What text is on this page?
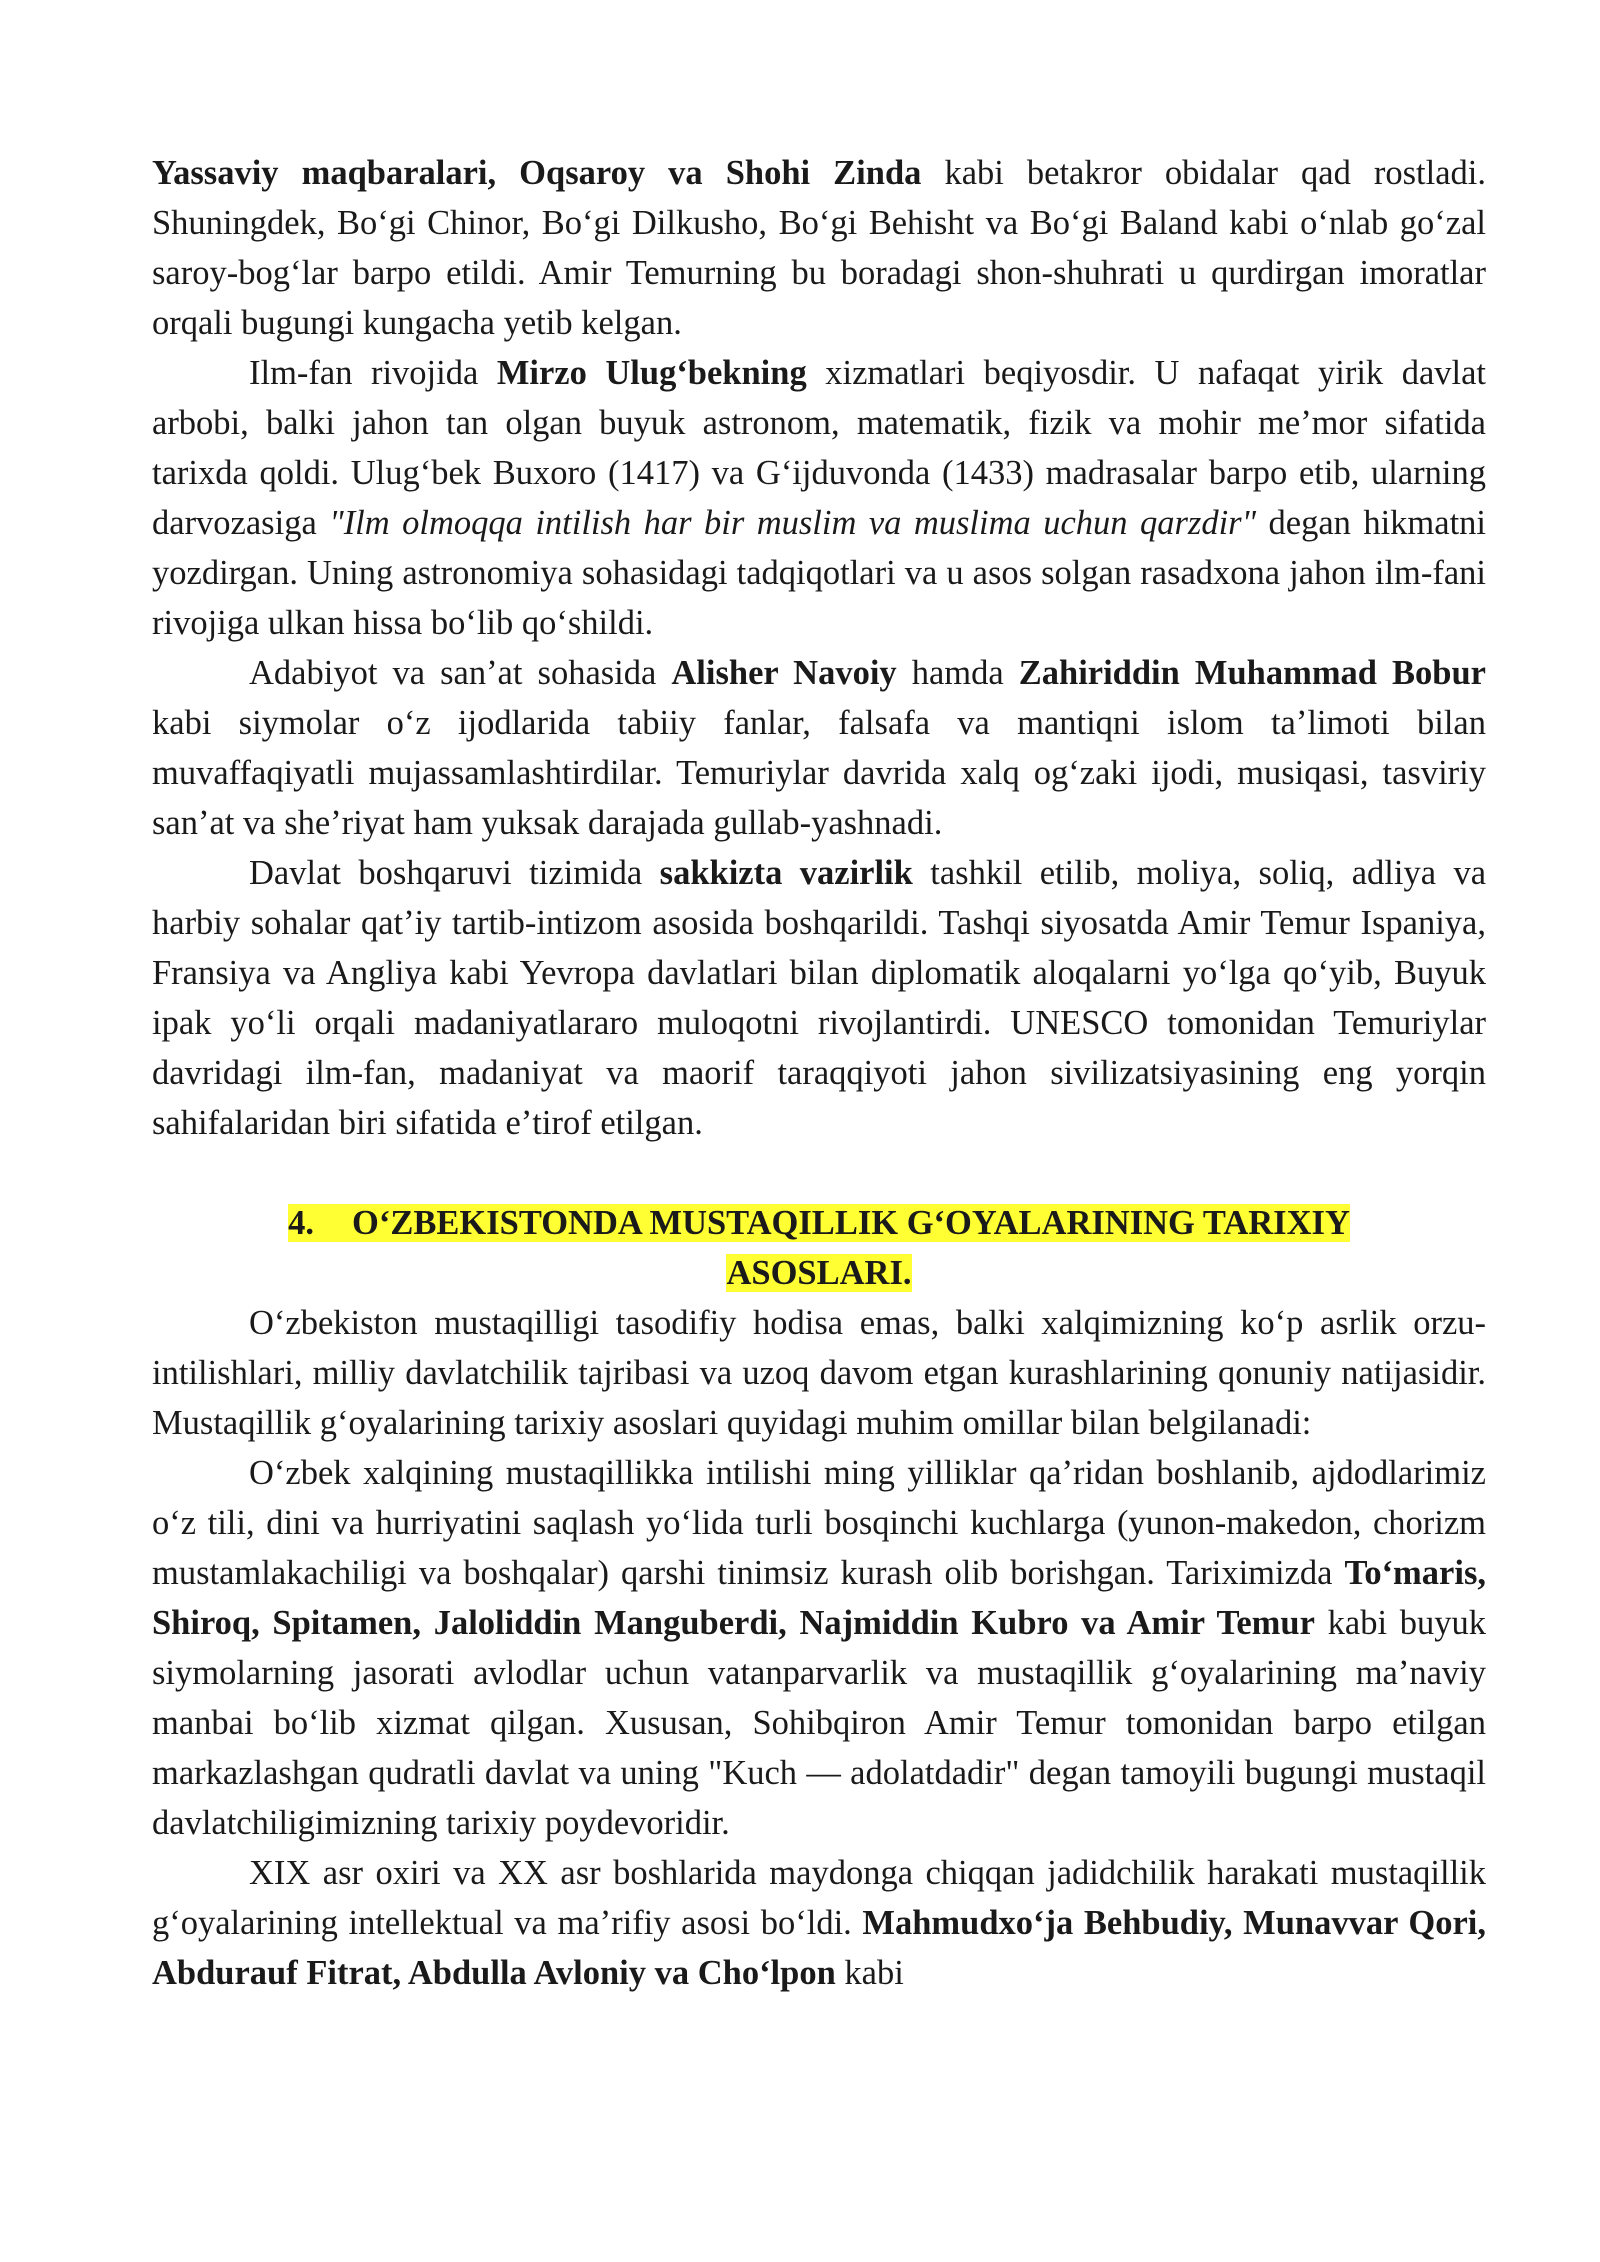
Yassaviy maqbaralari, Oqsaroy va Shohi Zinda kabi betakror obidalar qad rostladi. Shuningdek, Boʻgi Chinor, Boʻgi Dilkusho, Boʻgi Behisht va Boʻgi Baland kabi oʻnlab goʻzal saroy-bogʻlar barpo etildi. Amir Temurning bu boradagi shon-shuhrati u qurdirgan imoratlar orqali bugungi kungacha yetib kelgan.

Ilm-fan rivojida Mirzo Ulugʻbekning xizmatlari beqiyosdir. U nafaqat yirik davlat arbobi, balki jahon tan olgan buyuk astronom, matematik, fizik va mohir meʼmor sifatida tarixda qoldi. Ulugʻbek Buxoro (1417) va Gʻijduvonda (1433) madrasalar barpo etib, ularning darvozasiga "Ilm olmoqqa intilish har bir muslim va muslima uchun qarzdir" degan hikmatni yozdirgan. Uning astronomiya sohasidagi tadqiqotlari va u asos solgan rasadxona jahon ilm-fani rivojiga ulkan hissa boʻlib qoʻshildi.

Adabiyot va sanʼat sohasida Alisher Navoiy hamda Zahiriddin Muhammad Bobur kabi siymolar oʻz ijodlarida tabiiy fanlar, falsafa va mantiqni islom taʼlimoti bilan muvaffaqiyatli mujassamlashtirdilar. Temuriylar davrida xalq ogʻzaki ijodi, musiqasi, tasviriy sanʼat va sheʼriyat ham yuksak darajada gullab-yashnadi.

Davlat boshqaruvi tizimida sakkizta vazirlik tashkil etilib, moliya, soliq, adliya va harbiy sohalar qatʼiy tartib-intizom asosida boshqarildi. Tashqi siyosatda Amir Temur Ispaniya, Fransiya va Angliya kabi Yevropa davlatlari bilan diplomatik aloqalarni yoʻlga qoʻyib, Buyuk ipak yoʻli orqali madaniyatlararo muloqotni rivojlantirdi. UNESCO tomonidan Temuriylar davridagi ilm-fan, madaniyat va maorif taraqqiyoti jahon sivilizatsiyasining eng yorqin sahifalaridan biri sifatida eʼtirof etilgan.

4. OʻZBEKISTONDA MUSTAQILLIK GʻOYALARINING TARIXIY
ASOSLARI.

Oʻzbekiston mustaqilligi tasodifiy hodisa emas, balki xalqimizning koʻp asrlik orzu-intilishlari, milliy davlatchilik tajribasi va uzoq davom etgan kurashlarining qonuniy natijasidir. Mustaqillik gʻoyalarining tarixiy asoslari quyidagi muhim omillar bilan belgilanadi:

Oʻzbek xalqining mustaqillikka intilishi ming yilliklar qaʼridan boshlanib, ajdodlarimiz oʻz tili, dini va hurriyatini saqlash yoʻlida turli bosqinchi kuchlarga (yunon-makedon, chorizm mustamlakachiligi va boshqalar) qarshi tinimsiz kurash olib borishgan. Tariximizda Toʻmaris, Shiroq, Spitamen, Jaloliddin Manguberdi, Najmiddin Kubro va Amir Temur kabi buyuk siymolarning jasorati avlodlar uchun vatanparvarlik va mustaqillik gʻoyalarining maʼnaviy manbai boʻlib xizmat qilgan. Xususan, Sohibqiron Amir Temur tomonidan barpo etilgan markazlashgan qudratli davlat va uning "Kuch — adolatdadir" degan tamoyili bugungi mustaqil davlatchiligimizning tarixiy poydevoridir.

XIX asr oxiri va XX asr boshlarida maydonga chiqqan jadidchilik harakati mustaqillik gʻoyalarining intellektual va maʼrifiy asosi boʻldi. Mahmudxoʻja Behbudiy, Munavvar Qori, Abdurauf Fitrat, Abdulla Avloniy va Choʻlpon kabi
